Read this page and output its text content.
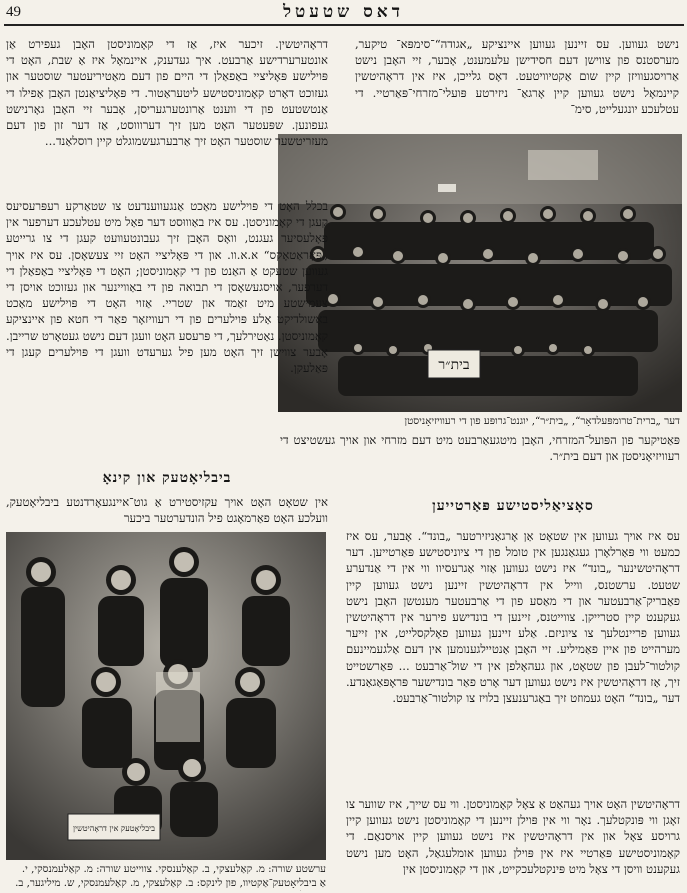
49	דאס שטעטל

נישט געווען. עס זיינען געווען איינציקע „אגודה“־סימפּא־ טיקער, מערסטנס פון צווישן דעם חסידישן עלעמענט, אָבער, זיי האָבן נישט אַרויסגעוויזן קיין שום אַקטיוויטעט. דאָס גלייכן, איז אין דראָהיטשין קיינמאָל נישט געווען קיין אָרגאַ־ ניזירטע פּועלי־מזרחי־פּאַרטיי. די עטלעכע יונגעלייט, סימ־

בית״ר
דער „ברית־טרומפּעלדאָר“, „בית״ר“, יוגנט־גרופּע פון די רעוויזיאָניסטן

פּאַטיקער פון הפּועל־המזרחי, האָבן מיטגעאַרבעט מיט דעם מזרחי און אויך געשטיצט די רעוויזיאָניסטן און דעם בית״ר.

סאָציאַליסטישע פּאַרטייען

עס איז אויך געווען אין שטאָט אַן אָרגאַניזירטער „בונד“. אָבער, עס איז כמעט ווי פּאַרלאָרן געגאַנגען אין טומל פון די ציוניסטישע פּאַרטייען. דער דראָהיטשינער „בונד“ איז נישט געווען אַזוי אַגרעסיוו ווי אין די אַנדערע שטעט. ערשטנס, ווייל אין דראָהיטשין זיינען נישט געווען קיין פאַבריק־אַרבעטער און די מאַסע פון די אַרבעטער מענטשן האָבן נישט געקענט קיין סטרייקן. צווייטנס, זיינען די בונדישע פירער אין דראָהיטשין געווען פריינטלעך צו ציוניזם. אַלע זיינען געווען פאָלקסלייט, אין זייער מערהייט פון איין פאַמיליע. זיי האָבן אַנטיילגענומען אין דעם אַלגעמיינעם קולטור־לעבן פון שטאָט, און געהאָלפן אין די שול־אַרבעט ... פּאַרשטייט זיך, אַז דראָהיטשין איז נישט געווען דער אָרט פאַר בונדישער פּראָפּאַגאַנדע. דער „בונד“ האָט געמוזט זיך באַגרענעצן בלויז צו קולטור־אַרבעט.

דראָהיטשין האָט אויך געהאַט אַ צאָל קאָמוניסטן. ווי עס שייך, איז שווער צו זאָגן ווי פּונקטלעך. נאָר ווי אין פּוילן זיינען די קאָמוניסטן נישט געווען קיין גרויסע צאָל און אין דראָהיטשין איז נישט געווען קיין אויסנאַם. די קאָמוניסטישע פּאַרטיי איז אין פּוילן געווען אומלעגאַל, האָט מען נישט געקענט וויסן די צאָל מיט פּינקטלעכקייט, און די קאָמוניסטן אין

דראָהיטשין. זיכער איז, אַז די קאָמוניסטן האָבן געפירט אַן אונטערערדישע אַרבעט. איך געדענק, איינמאָל איז אַ שבת, האָט די פּוילישע פּאָליציי באַפאַלן די היים פון דעם מאַטיריעטער שוסטער און געזוכט דאָרט קאָמוניסטישע ליטעראַטור. די פּאָליציאַנטן האָבן אַפילו די אַנטשטעט פון די ווענט אַרונטערגעריסן, אָבער זיי האָבן גאָרנישט געפונען. שפּעטער האָט מען זיך דערוווסט, אַז דער זון פון דעם מעזריטשער שוסטער האָט זיך אַרבערגעשמוגלט קיין רוסלאַנד...

בכלל האָט די פּוילישע מאַכט אַנגעווענדעט צו שטאַרקע רעפּרעסיעס קעגן די קאָמוניסטן. עס איז באַוווּסט דער פאַל מיט עטלעכע דערפער אין פּאָלעסיער געגנט, וואָס האָבן זיך געבונטעוועט קעגן די צו גרייטע „פּאָראַטאָקס“ א.א.וו. און די פּאָליציי האָט זיי צעשאָסן. עס איז אויך געווען שטעקט אַ האַנט פון די קאָמוניסטן; האָט די פּאָליציי באַפאַלן די דערפער, אויסגעשאָסן די תבואה פון די באַוויינער און געזוכט אויסן די צעמישטע מיט זאַמד און שטריי. אַזוי האָט די פּוילישע מאַכט באַשולדיקט אַלע פּוילערים פון די רעוויזאָר פאַר די חטא פון איינציקע קאָמוניסטן. נאַטירלעך, די פּרעסע האָט וועגן דעם נישט געטאָרט שרייבן. אָבער צווישן זיך האָט מען פיל גערעדט וועגן די פּוילערים קעגן די פּאַלעקן.

ביבליאָטעק און קינאָ

אין שטאָט האָט אויך עקזיסטירט אַ גוט־איינגעאָרדנטע ביבליאָטעק, וועלכע האָט פאַרמאָגט פיל הונדערטער ביכער

ביבליאָטעק אין דראָהיטשין
ערשטע שורה: מ. קאַלעצקי, ב. קאַלענסקי. צווייטע שורה: מ. קאַלעמנסקי, י.
אַ ביבליאָטעק־אַקטיוו, פון לינקס: ב. קאַלעצקי, מ. קאַלעמנסקי, ש. מיליגער, ב.
